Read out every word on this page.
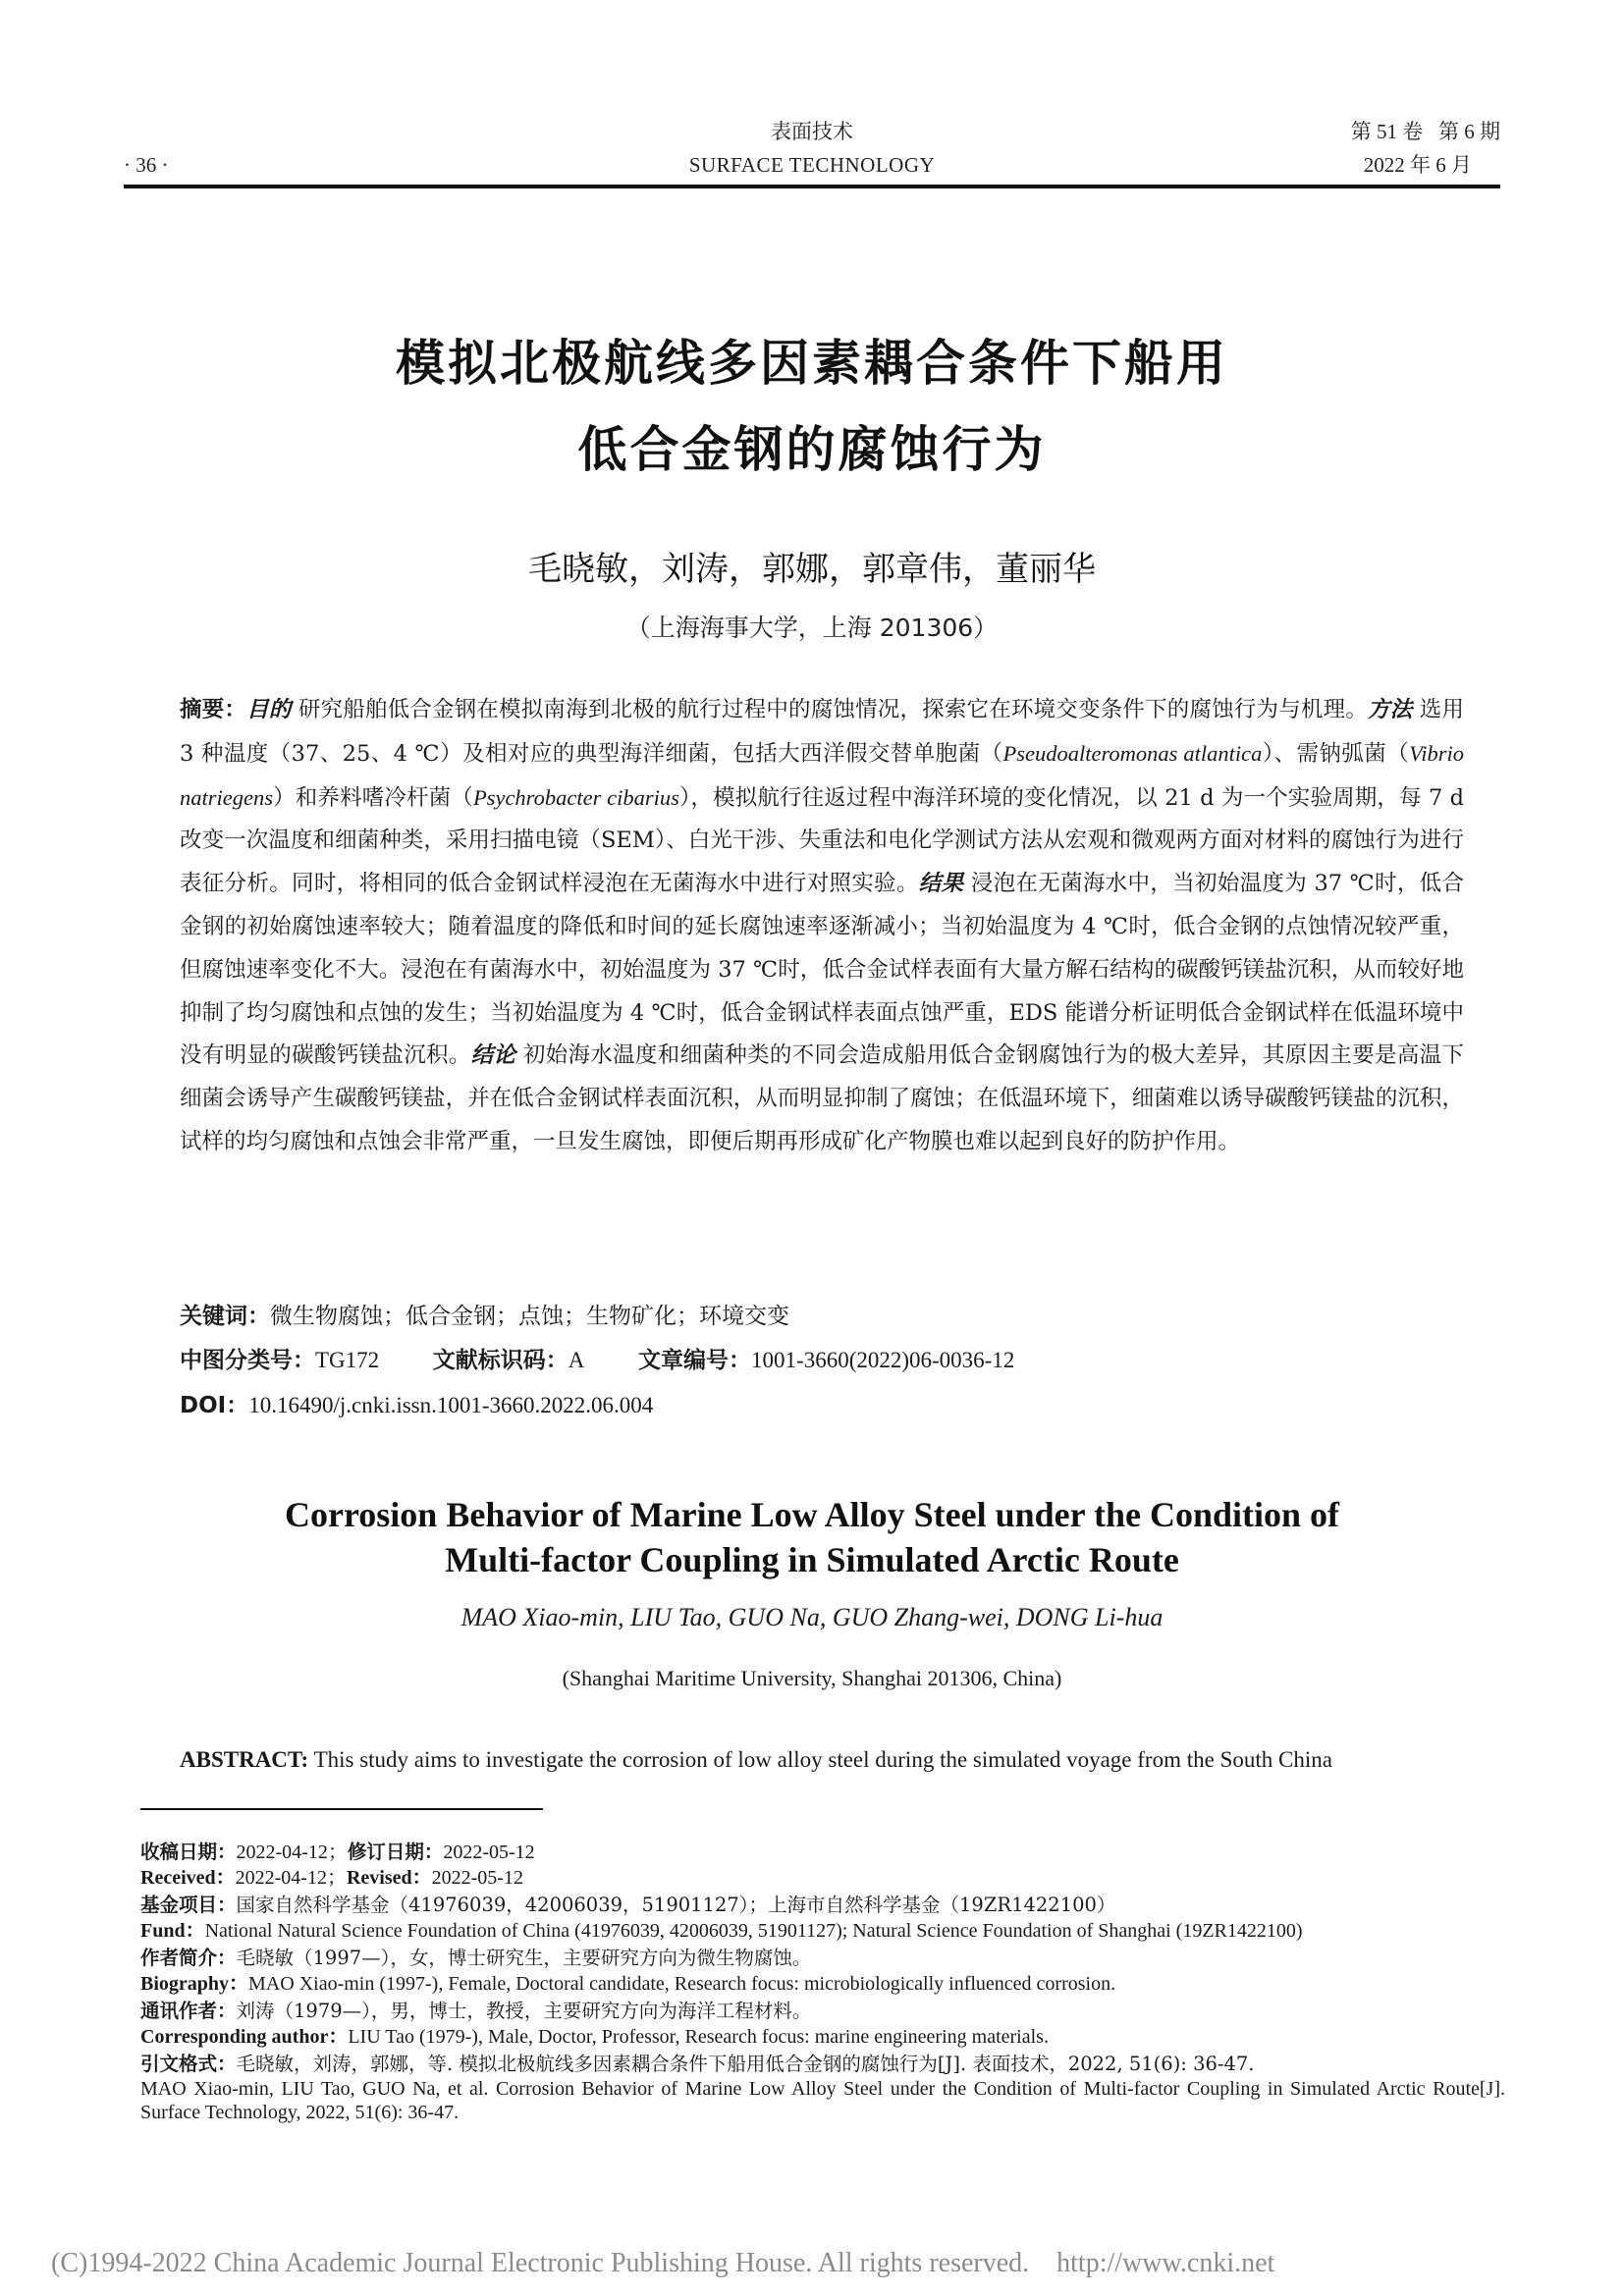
· 36 ·
表面技术
SURFACE TECHNOLOGY
第 51 卷   第 6 期
2022 年 6 月
模拟北极航线多因素耦合条件下船用
低合金钢的腐蚀行为
毛晓敏，刘涛，郭娜，郭章伟，董丽华
（上海海事大学，上海 201306）
摘要：目的 研究船舶低合金钢在模拟南海到北极的航行过程中的腐蚀情况，探索它在环境交变条件下的腐蚀行为与机理。方法 选用 3 种温度（37、25、4 ℃）及相对应的典型海洋细菌，包括大西洋假交替单胞菌（Pseudoalteromonas atlantica）、需钠弧菌（Vibrio natriegens）和养料嗜冷杆菌（Psychrobacter cibarius），模拟航行往返过程中海洋环境的变化情况，以 21 d 为一个实验周期，每 7 d 改变一次温度和细菌种类，采用扫描电镜（SEM）、白光干涉、失重法和电化学测试方法从宏观和微观两方面对材料的腐蚀行为进行表征分析。同时，将相同的低合金钢试样浸泡在无菌海水中进行对照实验。结果 浸泡在无菌海水中，当初始温度为 37 ℃时，低合金钢的初始腐蚀速率较大；随着温度的降低和时间的延长腐蚀速率逐渐减小；当初始温度为 4 ℃时，低合金钢的点蚀情况较严重，但腐蚀速率变化不大。浸泡在有菌海水中，初始温度为 37 ℃时，低合金试样表面有大量方解石结构的碳酸钙镁盐沉积，从而较好地抑制了均匀腐蚀和点蚀的发生；当初始温度为 4 ℃时，低合金钢试样表面点蚀严重，EDS 能谱分析证明低合金钢试样在低温环境中没有明显的碳酸钙镁盐沉积。结论 初始海水温度和细菌种类的不同会造成船用低合金钢腐蚀行为的极大差异，其原因主要是高温下细菌会诱导产生碳酸钙镁盐，并在低合金钢试样表面沉积，从而明显抑制了腐蚀；在低温环境下，细菌难以诱导碳酸钙镁盐的沉积，试样的均匀腐蚀和点蚀会非常严重，一旦发生腐蚀，即便后期再形成矿化产物膜也难以起到良好的防护作用。
关键词：微生物腐蚀；低合金钢；点蚀；生物矿化；环境交变
中图分类号：TG172 文献标识码：A 文章编号：1001-3660(2022)06-0036-12
DOI：10.16490/j.cnki.issn.1001-3660.2022.06.004
Corrosion Behavior of Marine Low Alloy Steel under the Condition of
Multi-factor Coupling in Simulated Arctic Route
MAO Xiao-min, LIU Tao, GUO Na, GUO Zhang-wei, DONG Li-hua
(Shanghai Maritime University, Shanghai 201306, China)
ABSTRACT: This study aims to investigate the corrosion of low alloy steel during the simulated voyage from the South China
收稿日期：2022-04-12；修订日期：2022-05-12
Received：2022-04-12；Revised：2022-05-12
基金项目：国家自然科学基金（41976039，42006039，51901127）；上海市自然科学基金（19ZR1422100）
Fund：National Natural Science Foundation of China (41976039, 42006039, 51901127); Natural Science Foundation of Shanghai (19ZR1422100)
作者简介：毛晓敏（1997—），女，博士研究生，主要研究方向为微生物腐蚀。
Biography：MAO Xiao-min (1997-), Female, Doctoral candidate, Research focus: microbiologically influenced corrosion.
通讯作者：刘涛（1979—），男，博士，教授，主要研究方向为海洋工程材料。
Corresponding author：LIU Tao (1979-), Male, Doctor, Professor, Research focus: marine engineering materials.
引文格式：毛晓敏，刘涛，郭娜，等. 模拟北极航线多因素耦合条件下船用低合金钢的腐蚀行为[J]. 表面技术，2022, 51(6): 36-47.
MAO Xiao-min, LIU Tao, GUO Na, et al. Corrosion Behavior of Marine Low Alloy Steel under the Condition of Multi-factor Coupling in Simulated Arctic Route[J]. Surface Technology, 2022, 51(6): 36-47.
(C)1994-2022 China Academic Journal Electronic Publishing House. All rights reserved.    http://www.cnki.net
